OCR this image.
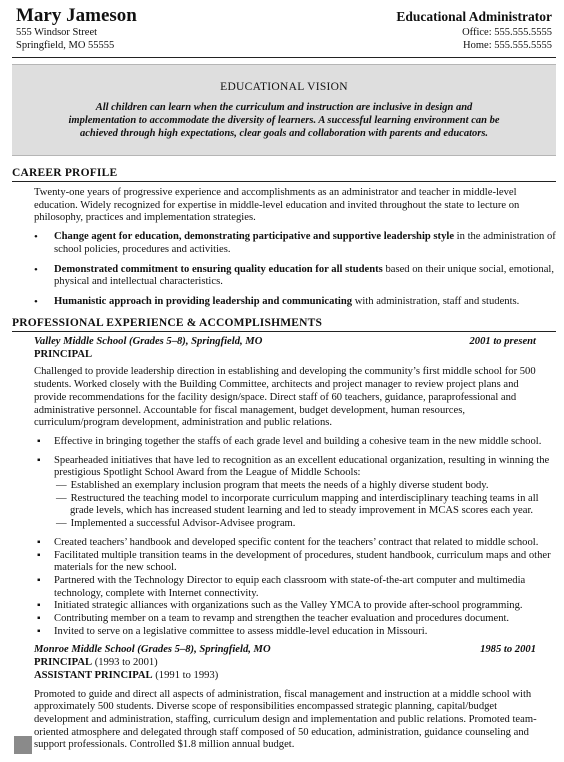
Mary Jameson
555 Windsor Street
Springfield, MO 55555
Educational Administrator
Office: 555.555.5555
Home: 555.555.5555
EDUCATIONAL VISION
All children can learn when the curriculum and instruction are inclusive in design and implementation to accommodate the diversity of learners. A successful learning environment can be achieved through high expectations, clear goals and collaboration with parents and educators.
CAREER PROFILE
Twenty-one years of progressive experience and accomplishments as an administrator and teacher in middle-level education. Widely recognized for expertise in middle-level education and invited throughout the state to lecture on philosophy, practices and implementation strategies.
• Change agent for education, demonstrating participative and supportive leadership style in the administration of school policies, procedures and activities.
• Demonstrated commitment to ensuring quality education for all students based on their unique social, emotional, physical and intellectual characteristics.
• Humanistic approach in providing leadership and communicating with administration, staff and students.
PROFESSIONAL EXPERIENCE & ACCOMPLISHMENTS
Valley Middle School (Grades 5–8), Springfield, MO	2001 to present
PRINCIPAL
Challenged to provide leadership direction in establishing and developing the community’s first middle school for 500 students. Worked closely with the Building Committee, architects and project manager to review project plans and provide recommendations for the facility design/space. Direct staff of 60 teachers, guidance, paraprofessional and administrative personnel. Accountable for fiscal management, budget development, human resources, curriculum/program development, administration and public relations.
▪ Effective in bringing together the staffs of each grade level and building a cohesive team in the new middle school.
▪ Spearheaded initiatives that have led to recognition as an excellent educational organization, resulting in winning the prestigious Spotlight School Award from the League of Middle Schools:
— Established an exemplary inclusion program that meets the needs of a highly diverse student body.
— Restructured the teaching model to incorporate curriculum mapping and interdisciplinary teaching teams in all
grade levels, which has increased student learning and led to steady improvement in MCAS scores each year.
— Implemented a successful Advisor-Advisee program.
▪ Created teachers’ handbook and developed specific content for the teachers’ contract that related to middle school.
▪ Facilitated multiple transition teams in the development of procedures, student handbook, curriculum maps and other materials for the new school.
▪ Partnered with the Technology Director to equip each classroom with state-of-the-art computer and multimedia technology, complete with Internet connectivity.
▪ Initiated strategic alliances with organizations such as the Valley YMCA to provide after-school programming.
▪ Contributing member on a team to revamp and strengthen the teacher evaluation and procedures document.
▪ Invited to serve on a legislative committee to assess middle-level education in Missouri.
Monroe Middle School (Grades 5–8), Springfield, MO	1985 to 2001
PRINCIPAL (1993 to 2001)
ASSISTANT PRINCIPAL (1991 to 1993)
Promoted to guide and direct all aspects of administration, fiscal management and instruction at a middle school with approximately 500 students. Diverse scope of responsibilities encompassed strategic planning, capital/budget development and administration, staffing, curriculum design and implementation and public relations. Promoted team-oriented atmosphere and delegated through staff composed of 50 education, administration, guidance counseling and support professionals. Controlled $1.8 million annual budget.
